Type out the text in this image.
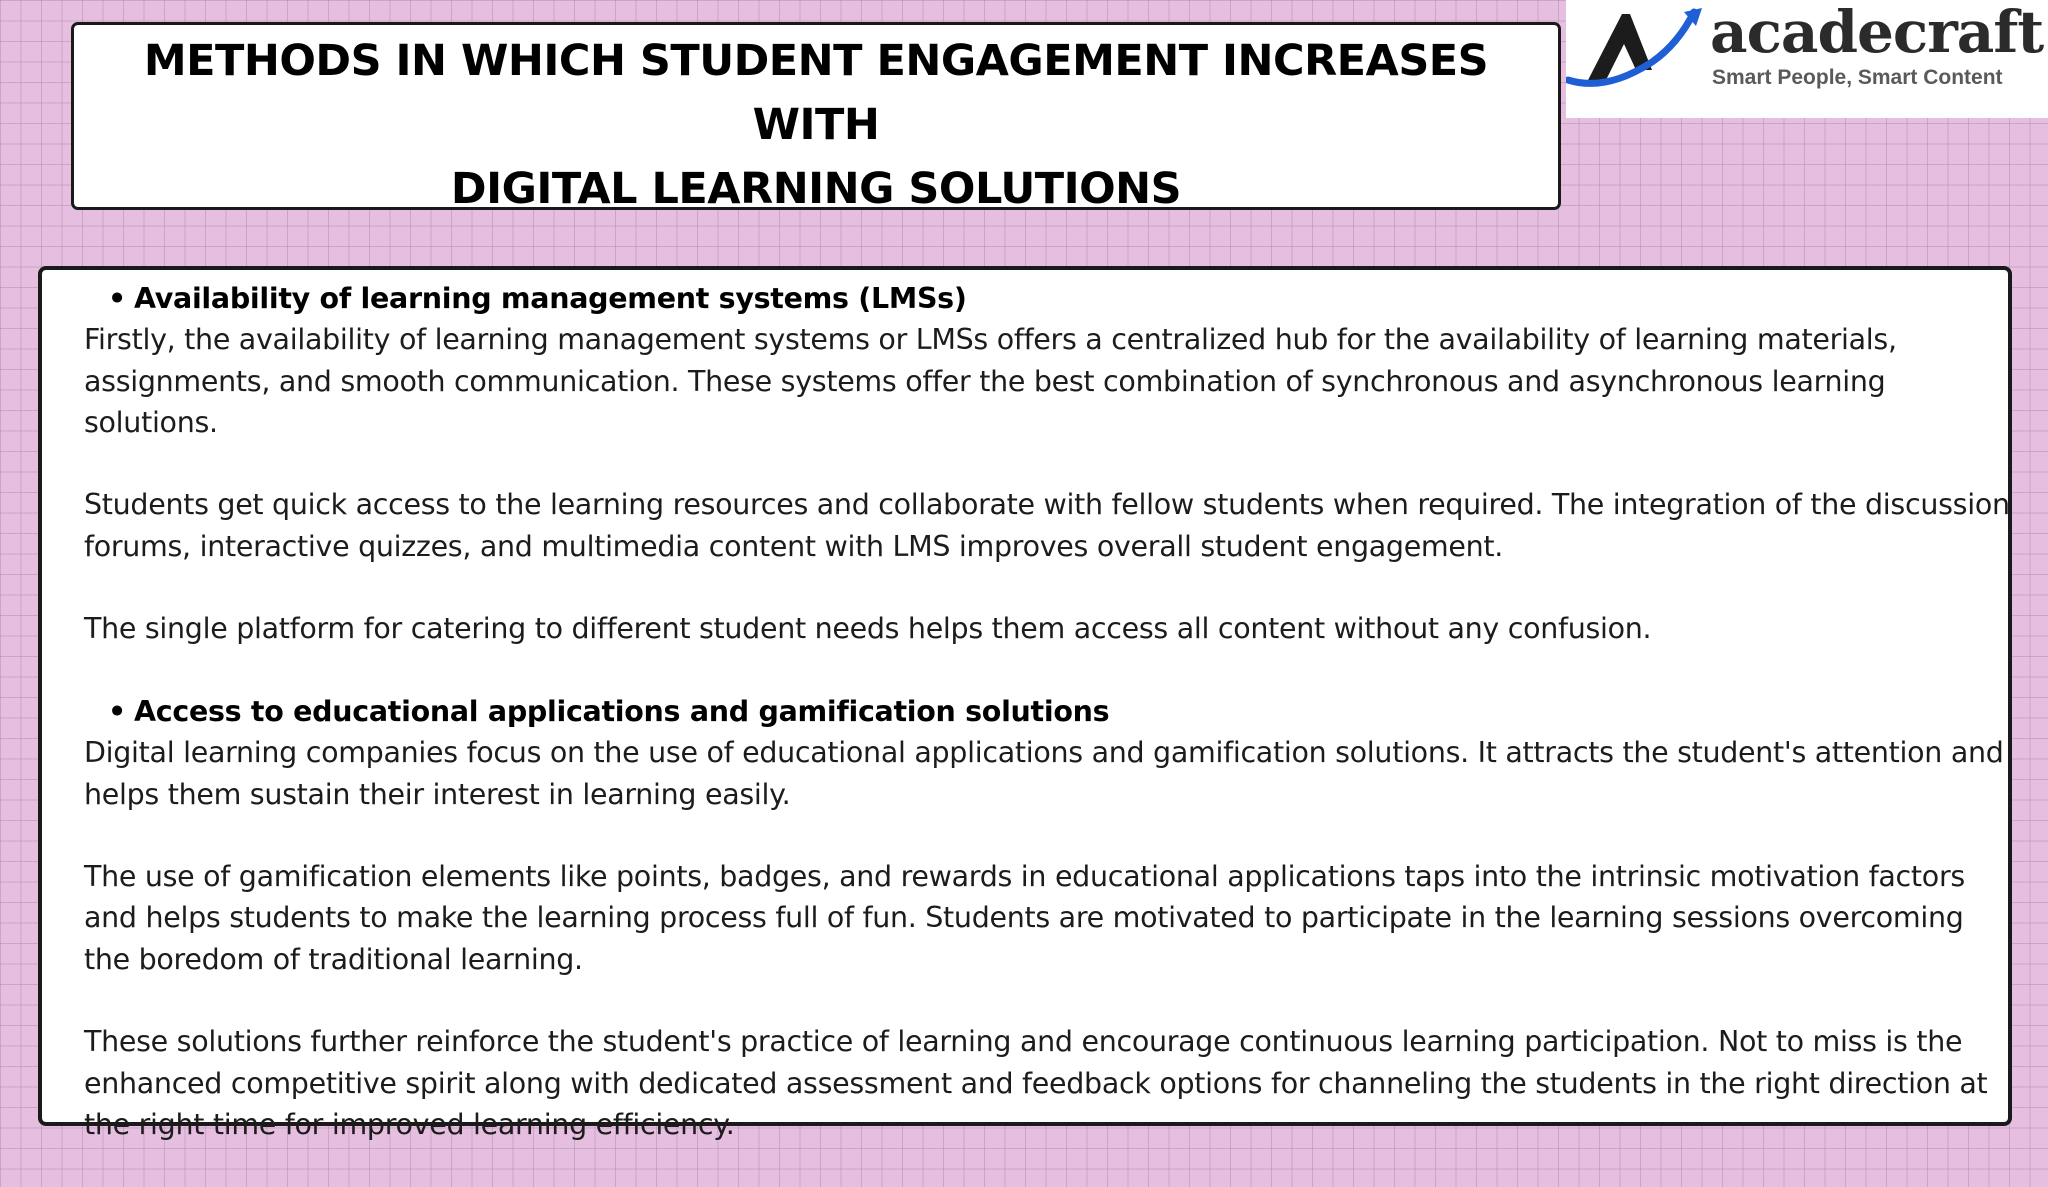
METHODS IN WHICH STUDENT ENGAGEMENT INCREASES WITH
DIGITAL LEARNING SOLUTIONS
acadecraft
Smart People, Smart Content
• Availability of learning management systems (LMSs)

Firstly, the availability of learning management systems or LMSs offers a centralized hub for the availability of learning materials, assignments, and smooth communication. These systems offer the best combination of synchronous and asynchronous learning solutions.

Students get quick access to the learning resources and collaborate with fellow students when required. The integration of the discussion forums, interactive quizzes, and multimedia content with LMS improves overall student engagement.

The single platform for catering to different student needs helps them access all content without any confusion.

• Access to educational applications and gamification solutions

Digital learning companies focus on the use of educational applications and gamification solutions. It attracts the student's attention and helps them sustain their interest in learning easily.

The use of gamification elements like points, badges, and rewards in educational applications taps into the intrinsic motivation factors and helps students to make the learning process full of fun. Students are motivated to participate in the learning sessions overcoming the boredom of traditional learning.

These solutions further reinforce the student's practice of learning and encourage continuous learning participation. Not to miss is the enhanced competitive spirit along with dedicated assessment and feedback options for channeling the students in the right direction at the right time for improved learning efficiency.
